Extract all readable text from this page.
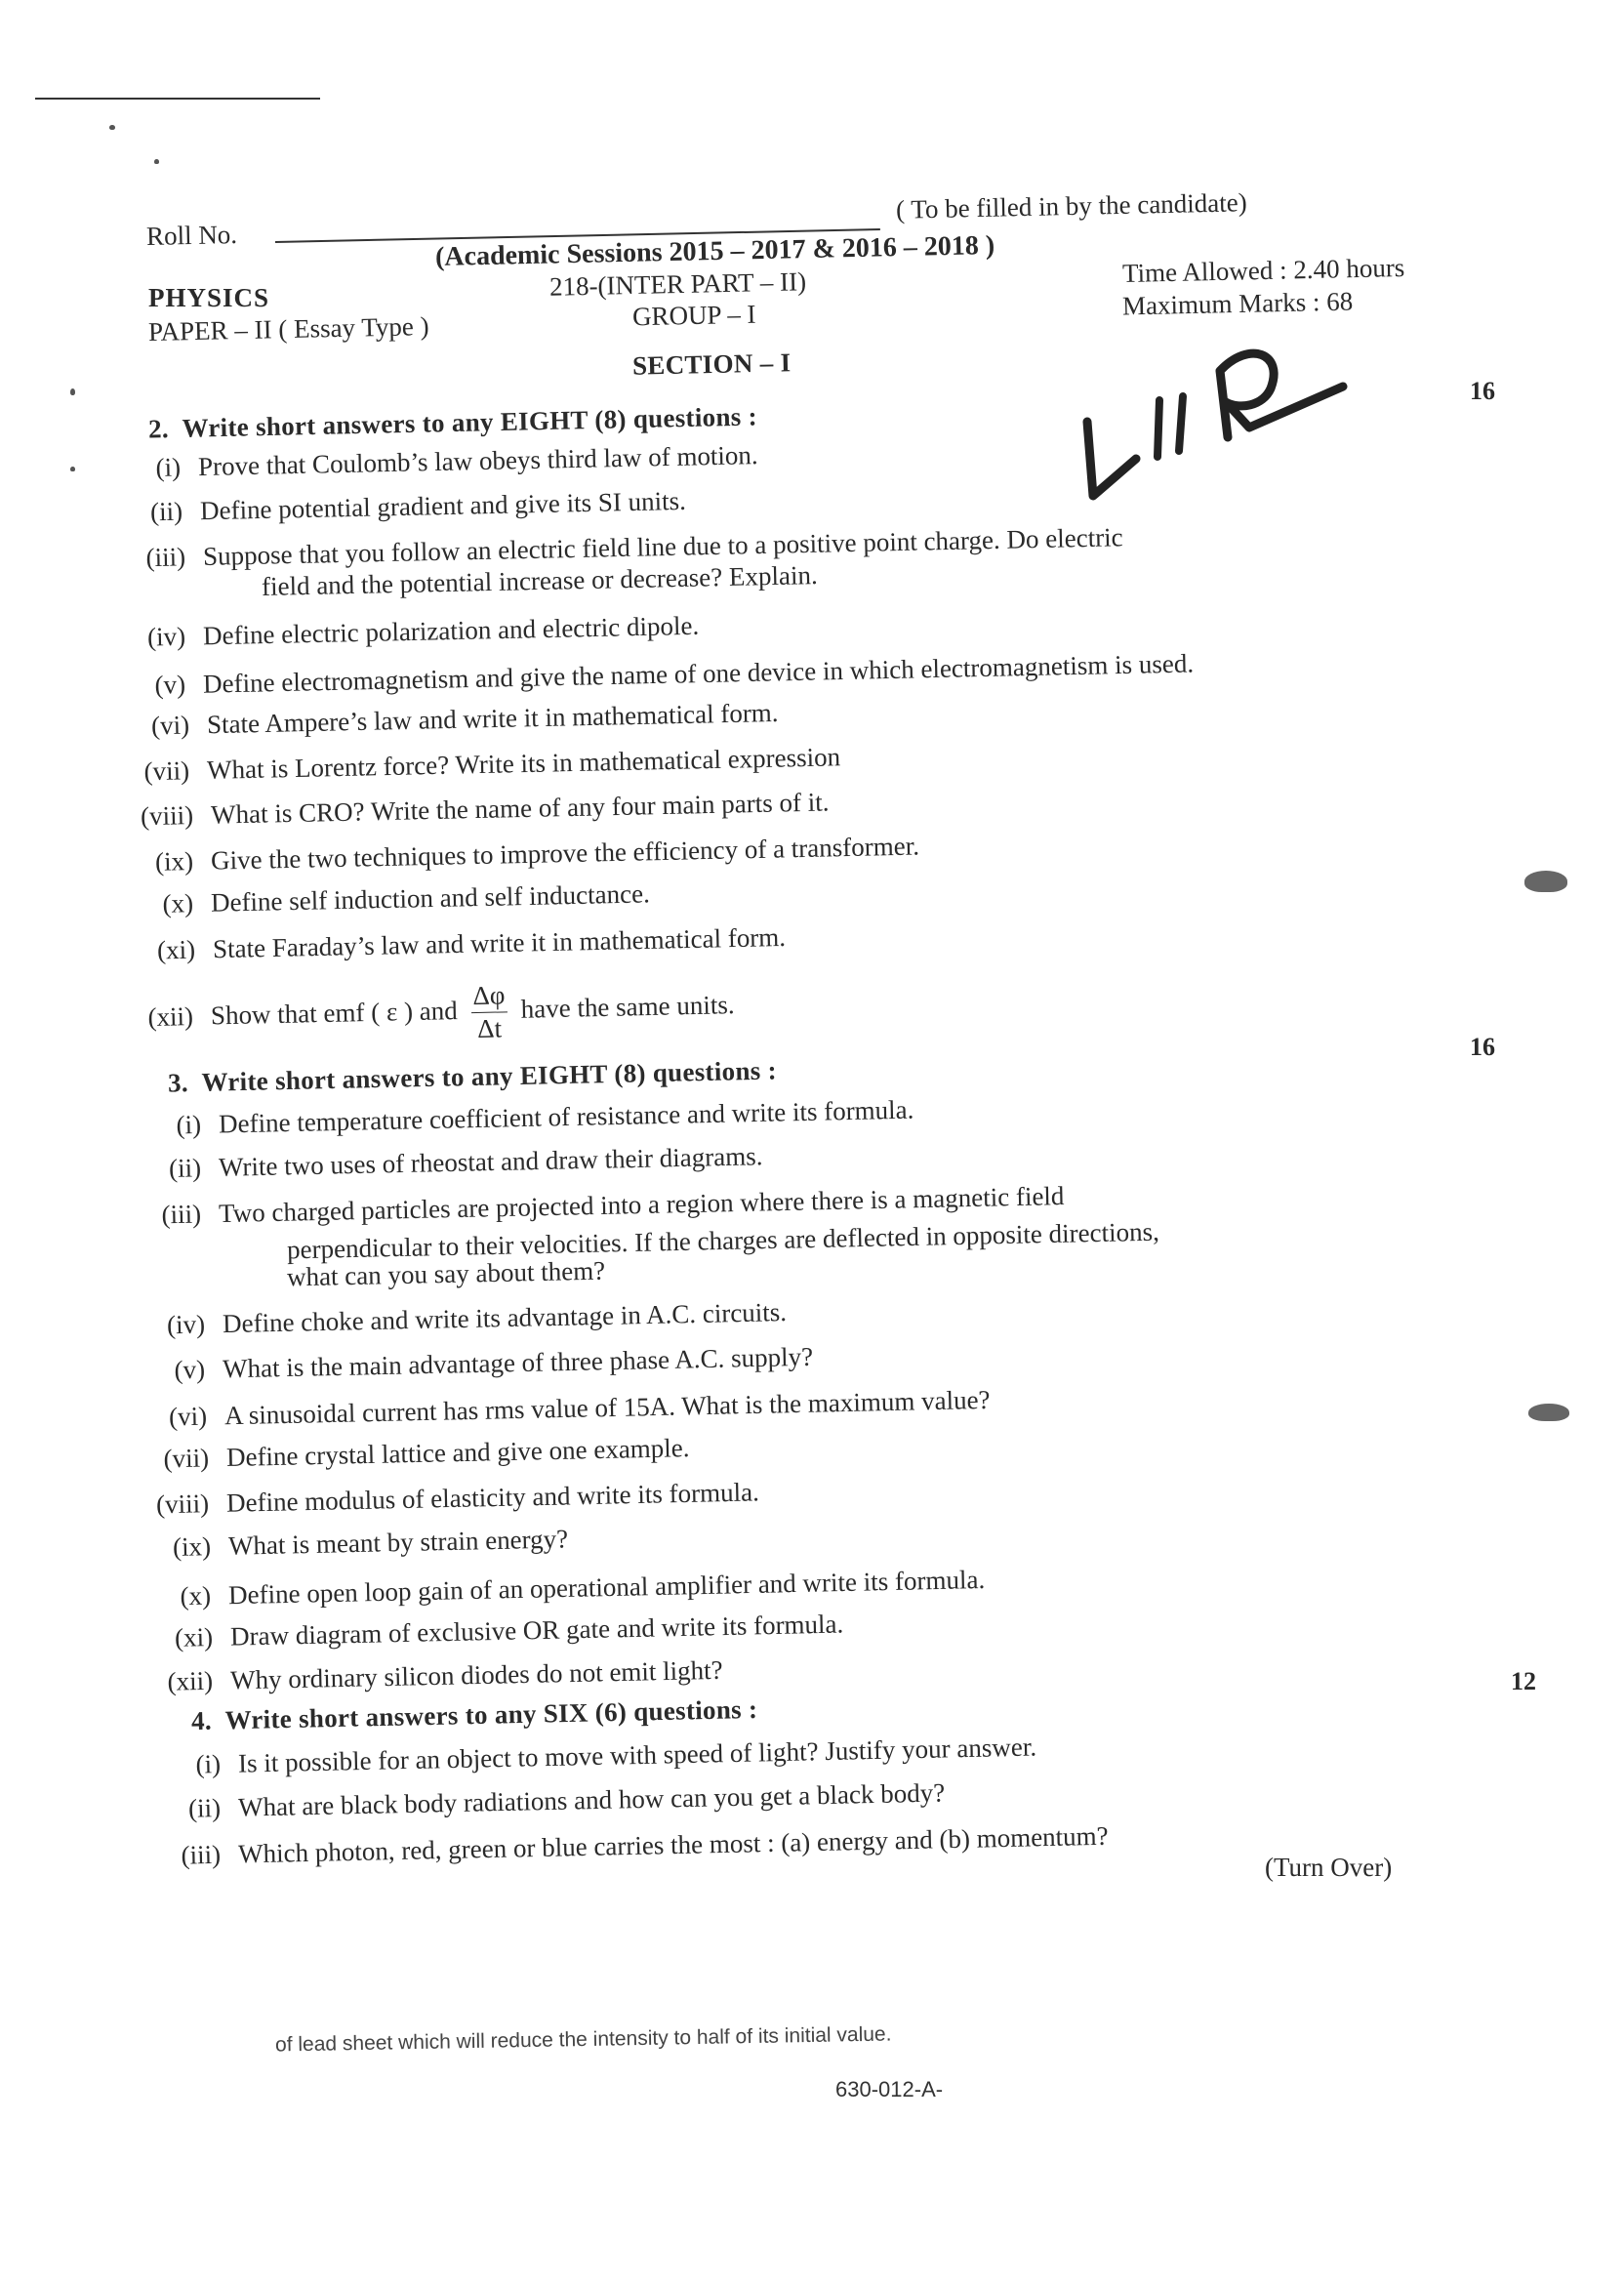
Roll No.
( To be filled in by the candidate)
(Academic Sessions 2015 – 2017 & 2016 – 2018 )
PHYSICS	218-(INTER PART – II)
PAPER – II ( Essay Type )	GROUP – I
Time Allowed : 2.40 hours
Maximum Marks : 68
SECTION – I
16
2. Write short answers to any EIGHT (8) questions :
(i) Prove that Coulomb’s law obeys third law of motion.
(ii) Define potential gradient and give its SI units.
(iii) Suppose that you follow an electric field line due to a positive point charge. Do electric
field and the potential increase or decrease? Explain.
(iv) Define electric polarization and electric dipole.
(v) Define electromagnetism and give the name of one device in which electromagnetism is used.
(vi) State Ampere’s law and write it in mathematical form.
(vii) What is Lorentz force? Write its in mathematical expression
(viii) What is CRO? Write the name of any four main parts of it.
(ix) Give the two techniques to improve the efficiency of a transformer.
(x) Define self induction and self inductance.
(xi) State Faraday’s law and write it in mathematical form.
(xii) Show that emf ( ε ) and $\frac{\Delta\varphi}{\Delta t}$ have the same units.
16
3. Write short answers to any EIGHT (8) questions :
(i) Define temperature coefficient of resistance and write its formula.
(ii) Write two uses of rheostat and draw their diagrams.
(iii) Two charged particles are projected into a region where there is a magnetic field
perpendicular to their velocities. If the charges are deflected in opposite directions,
what can you say about them?
(iv) Define choke and write its advantage in A.C. circuits.
(v) What is the main advantage of three phase A.C. supply?
(vi) A sinusoidal current has rms value of 15A. What is the maximum value?
(vii) Define crystal lattice and give one example.
(viii) Define modulus of elasticity and write its formula.
(ix) What is meant by strain energy?
(x) Define open loop gain of an operational amplifier and write its formula.
(xi) Draw diagram of exclusive OR gate and write its formula.
(xii) Why ordinary silicon diodes do not emit light?	12
4. Write short answers to any SIX (6) questions :
(i) Is it possible for an object to move with speed of light? Justify your answer.
(ii) What are black body radiations and how can you get a black body?
(iii) Which photon, red, green or blue carries the most : (a) energy and (b) momentum?	(Turn Over)
of lead sheet which will reduce the intensity to half of its initial value.
630-012-A-
